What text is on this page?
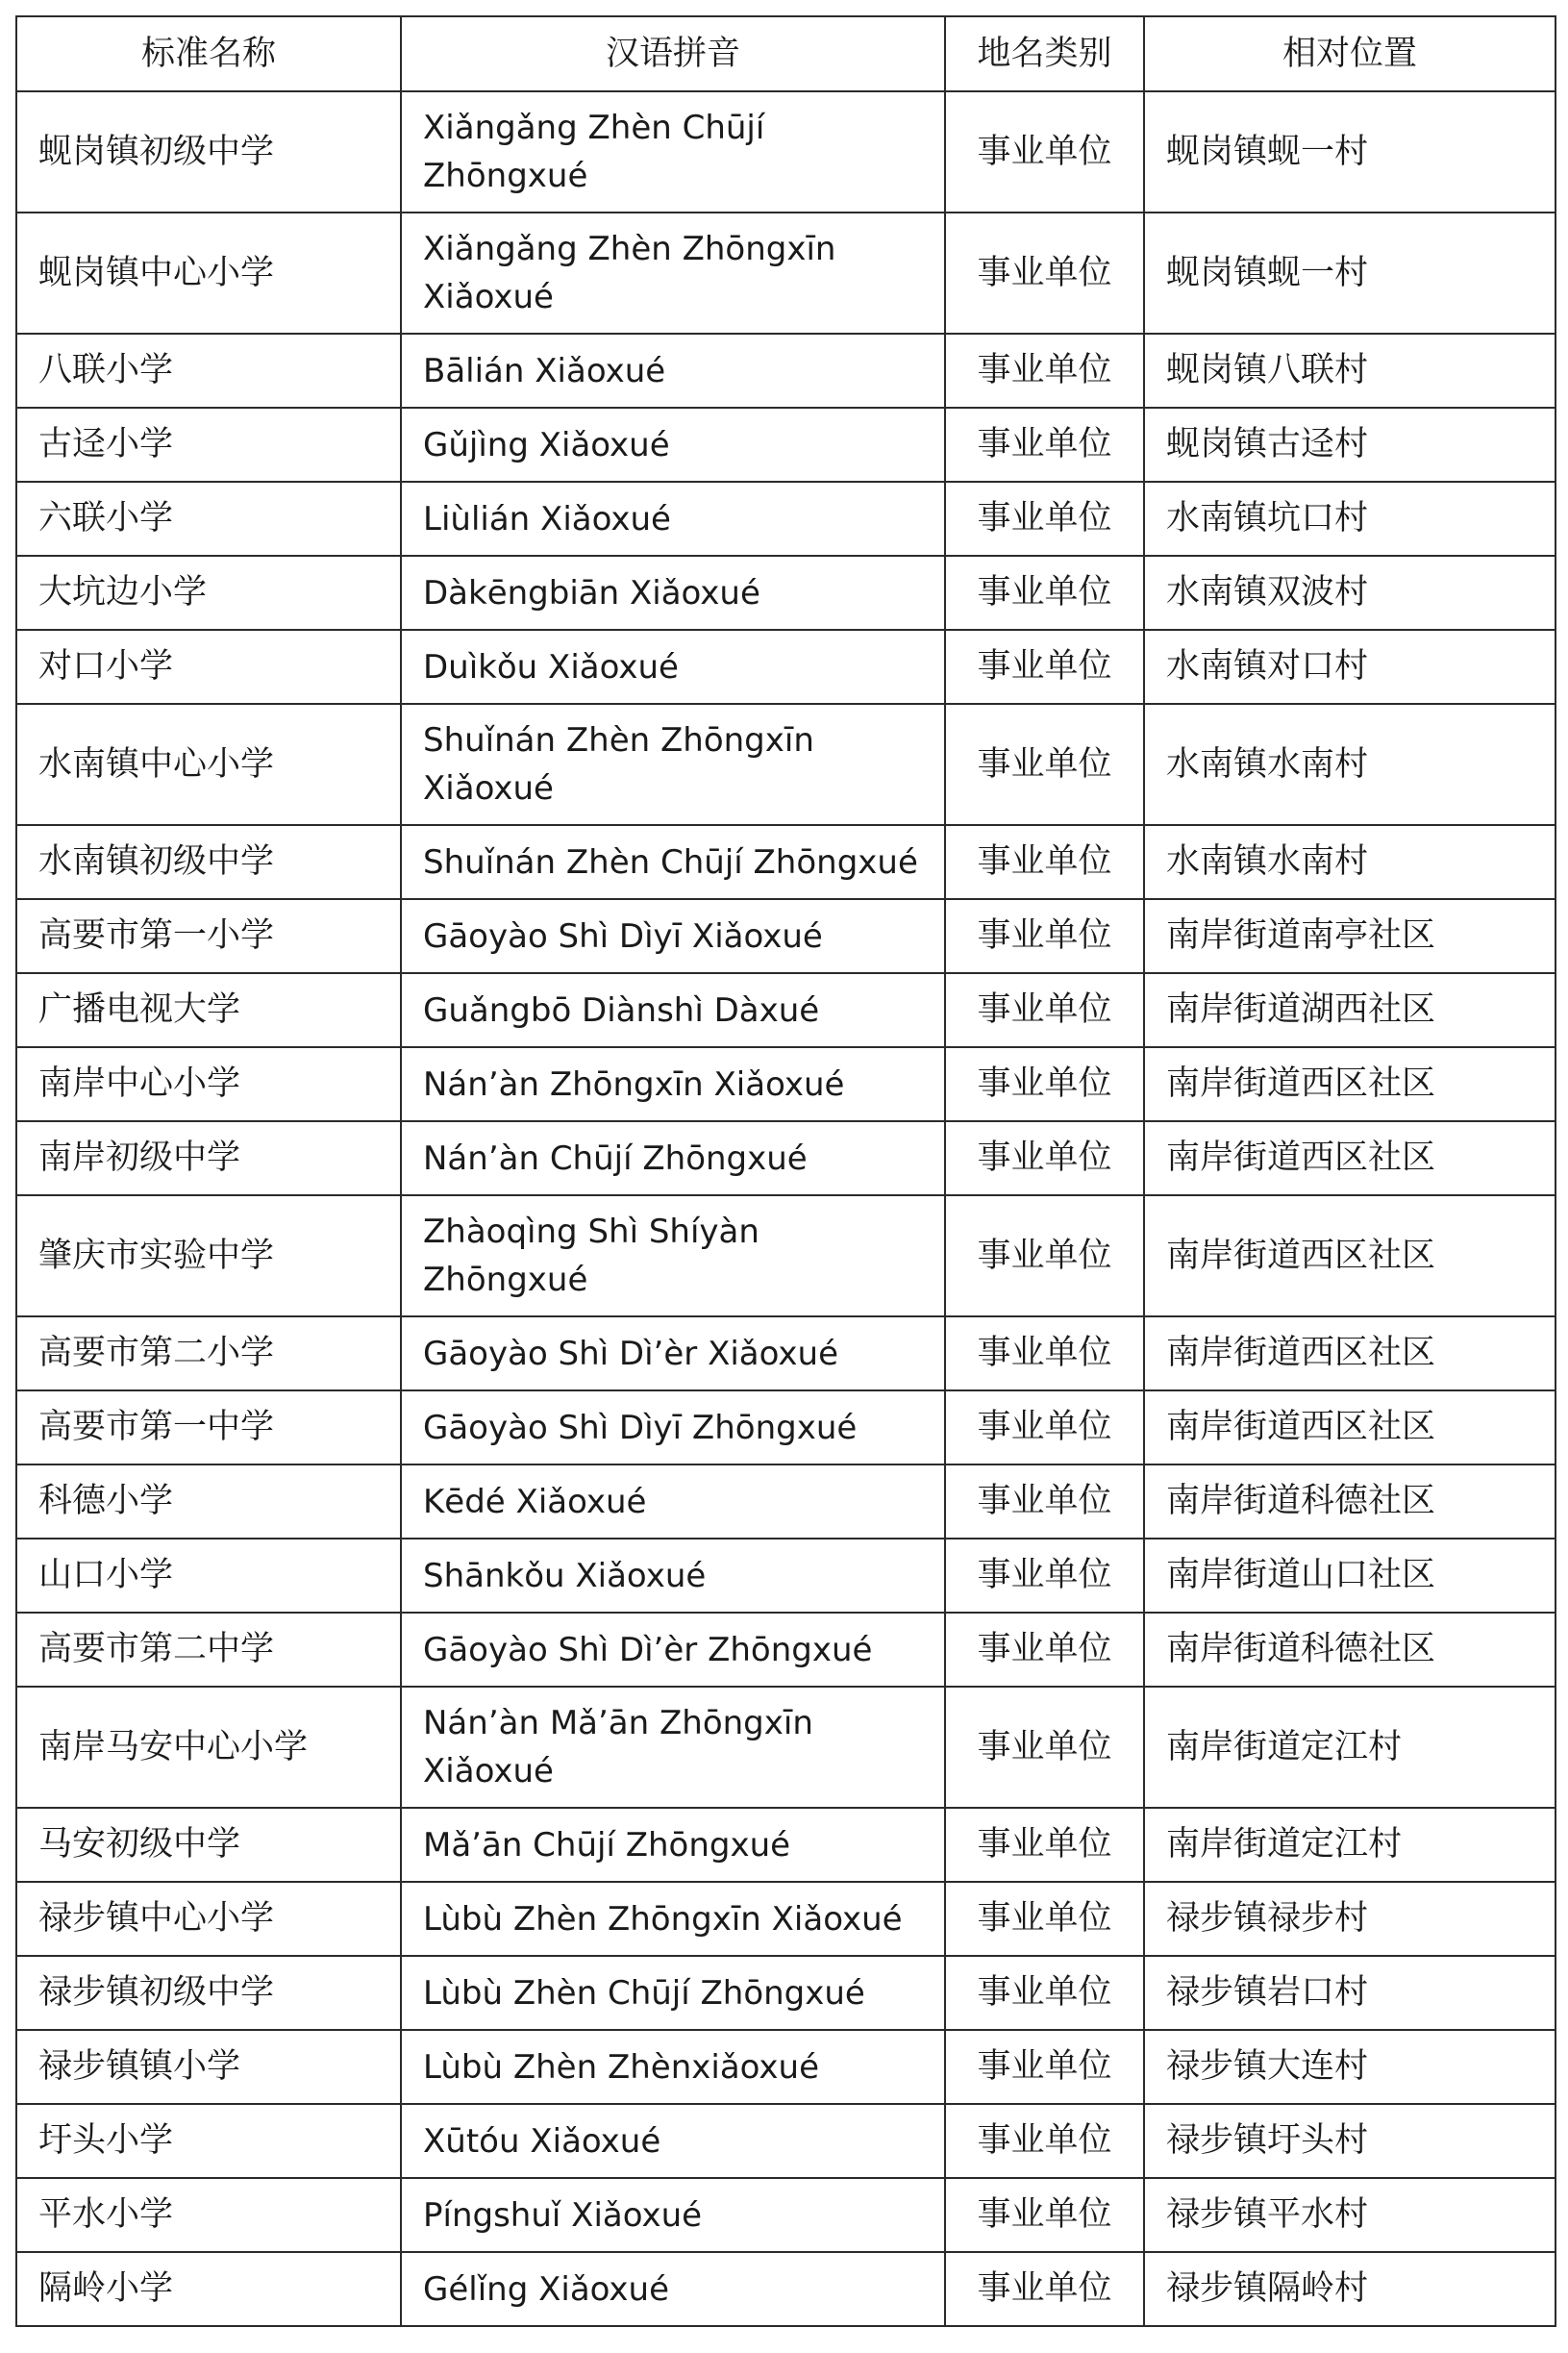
标准名称	汉语拼音	地名类别	相对位置
蚬岗镇初级中学	Xiǎngǎng Zhèn Chūjí Zhōngxué	事业单位	蚬岗镇蚬一村
蚬岗镇中心小学	Xiǎngǎng Zhèn Zhōngxīn Xiǎoxué	事业单位	蚬岗镇蚬一村
八联小学	Bālián Xiǎoxué	事业单位	蚬岗镇八联村
古迳小学	Gǔjìng Xiǎoxué	事业单位	蚬岗镇古迳村
六联小学	Liùlián Xiǎoxué	事业单位	水南镇坑口村
大坑边小学	Dàkēngbiān Xiǎoxué	事业单位	水南镇双波村
对口小学	Duìkǒu Xiǎoxué	事业单位	水南镇对口村
水南镇中心小学	Shuǐnán Zhèn Zhōngxīn Xiǎoxué	事业单位	水南镇水南村
水南镇初级中学	Shuǐnán Zhèn Chūjí Zhōngxué	事业单位	水南镇水南村
高要市第一小学	Gāoyào Shì Dìyī Xiǎoxué	事业单位	南岸街道南亭社区
广播电视大学	Guǎngbō Diànshì Dàxué	事业单位	南岸街道湖西社区
南岸中心小学	Nán’àn Zhōngxīn Xiǎoxué	事业单位	南岸街道西区社区
南岸初级中学	Nán’àn Chūjí Zhōngxué	事业单位	南岸街道西区社区
肇庆市实验中学	Zhàoqìng Shì Shíyàn Zhōngxué	事业单位	南岸街道西区社区
高要市第二小学	Gāoyào Shì Dì’èr Xiǎoxué	事业单位	南岸街道西区社区
高要市第一中学	Gāoyào Shì Dìyī Zhōngxué	事业单位	南岸街道西区社区
科德小学	Kēdé Xiǎoxué	事业单位	南岸街道科德社区
山口小学	Shānkǒu Xiǎoxué	事业单位	南岸街道山口社区
高要市第二中学	Gāoyào Shì Dì’èr Zhōngxué	事业单位	南岸街道科德社区
南岸马安中心小学	Nán’àn Mǎ’ān Zhōngxīn Xiǎoxué	事业单位	南岸街道定江村
马安初级中学	Mǎ’ān Chūjí Zhōngxué	事业单位	南岸街道定江村
禄步镇中心小学	Lùbù Zhèn Zhōngxīn Xiǎoxué	事业单位	禄步镇禄步村
禄步镇初级中学	Lùbù Zhèn Chūjí Zhōngxué	事业单位	禄步镇岩口村
禄步镇镇小学	Lùbù Zhèn Zhènxiǎoxué	事业单位	禄步镇大连村
圩头小学	Xūtóu Xiǎoxué	事业单位	禄步镇圩头村
平水小学	Píngshuǐ Xiǎoxué	事业单位	禄步镇平水村
隔岭小学	Gélǐng Xiǎoxué	事业单位	禄步镇隔岭村
